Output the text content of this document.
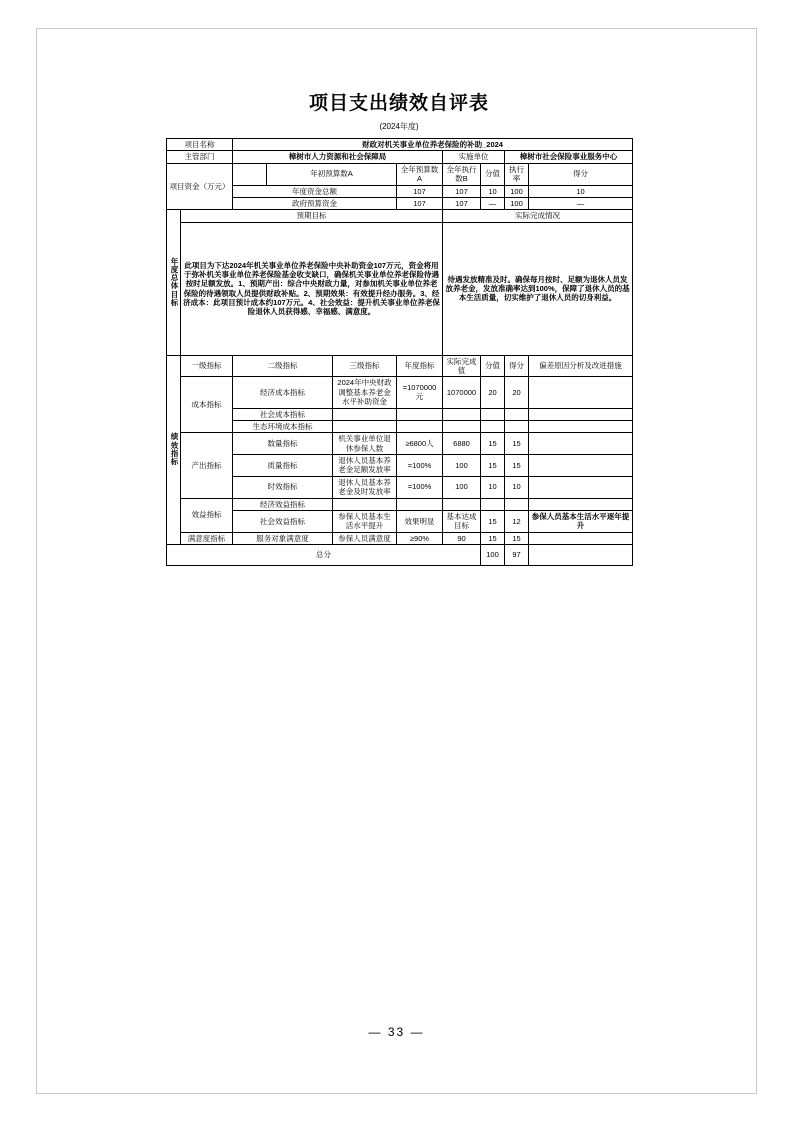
项目支出绩效自评表
(2024年度)
项目名称		财政对机关事业单位养老保险的补助_2024							
主管部门		樟树市人力资源和社会保障局				实施单位		樟树市社会保险事业服务中心	
项目资金（万元）			年初预算数A		全年预算数A	全年执行数B	分值	执行率	得分
		年度资金总额			107	107	10	100	10
		政府预算资金			107	107	—	100	—

年度总体目标	预期目标					实际完成情况			
	此项目为下达2024年机关事业单位养老保险中央补助资金107万元，资金将用于弥补机关事业单位养老保险基金收支缺口，确保机关事业单位养老保险待遇按时足额发放。1、预期产出：综合中央财政力量，对参加机关事业单位养老保险的待遇领取人员提供财政补贴。2、预期效果：有效提升经办服务。3、经济成本：此项目预计成本约107万元。4、社会效益：提升机关事业单位养老保险退休人员获得感、幸福感、满意度。					待遇发放精准及时。确保每月按时、足额为退休人员发放养老金，发放准确率达到100%，保障了退休人员的基本生活质量，切实维护了退休人员的切身利益。			

绩效指标	一级指标	二级指标		三级指标	年度指标	实际完成值	分值	得分	偏差原因分析及改进措施
	成本指标	经济成本指标		2024年中央财政调整基本养老金水平补助资金	=1070000元	1070000	20	20	
		社会成本指标							
		生态环境成本指标							
	产出指标	数量指标		机关事业单位退休参保人数	≥6800人	6880	15	15	
		质量指标		退休人员基本养老金足额发放率	=100%	100	15	15	
		时效指标		退休人员基本养老金及时发放率	=100%	100	10	10	
	效益指标	经济效益指标							
		社会效益指标		参保人员基本生活水平提升	效果明显	基本达成目标	15	12	参保人员基本生活水平逐年提升
	满意度指标	服务对象满意度		参保人员满意度	≥90%	90	15	15	
总分							100	97	
— 33 —
